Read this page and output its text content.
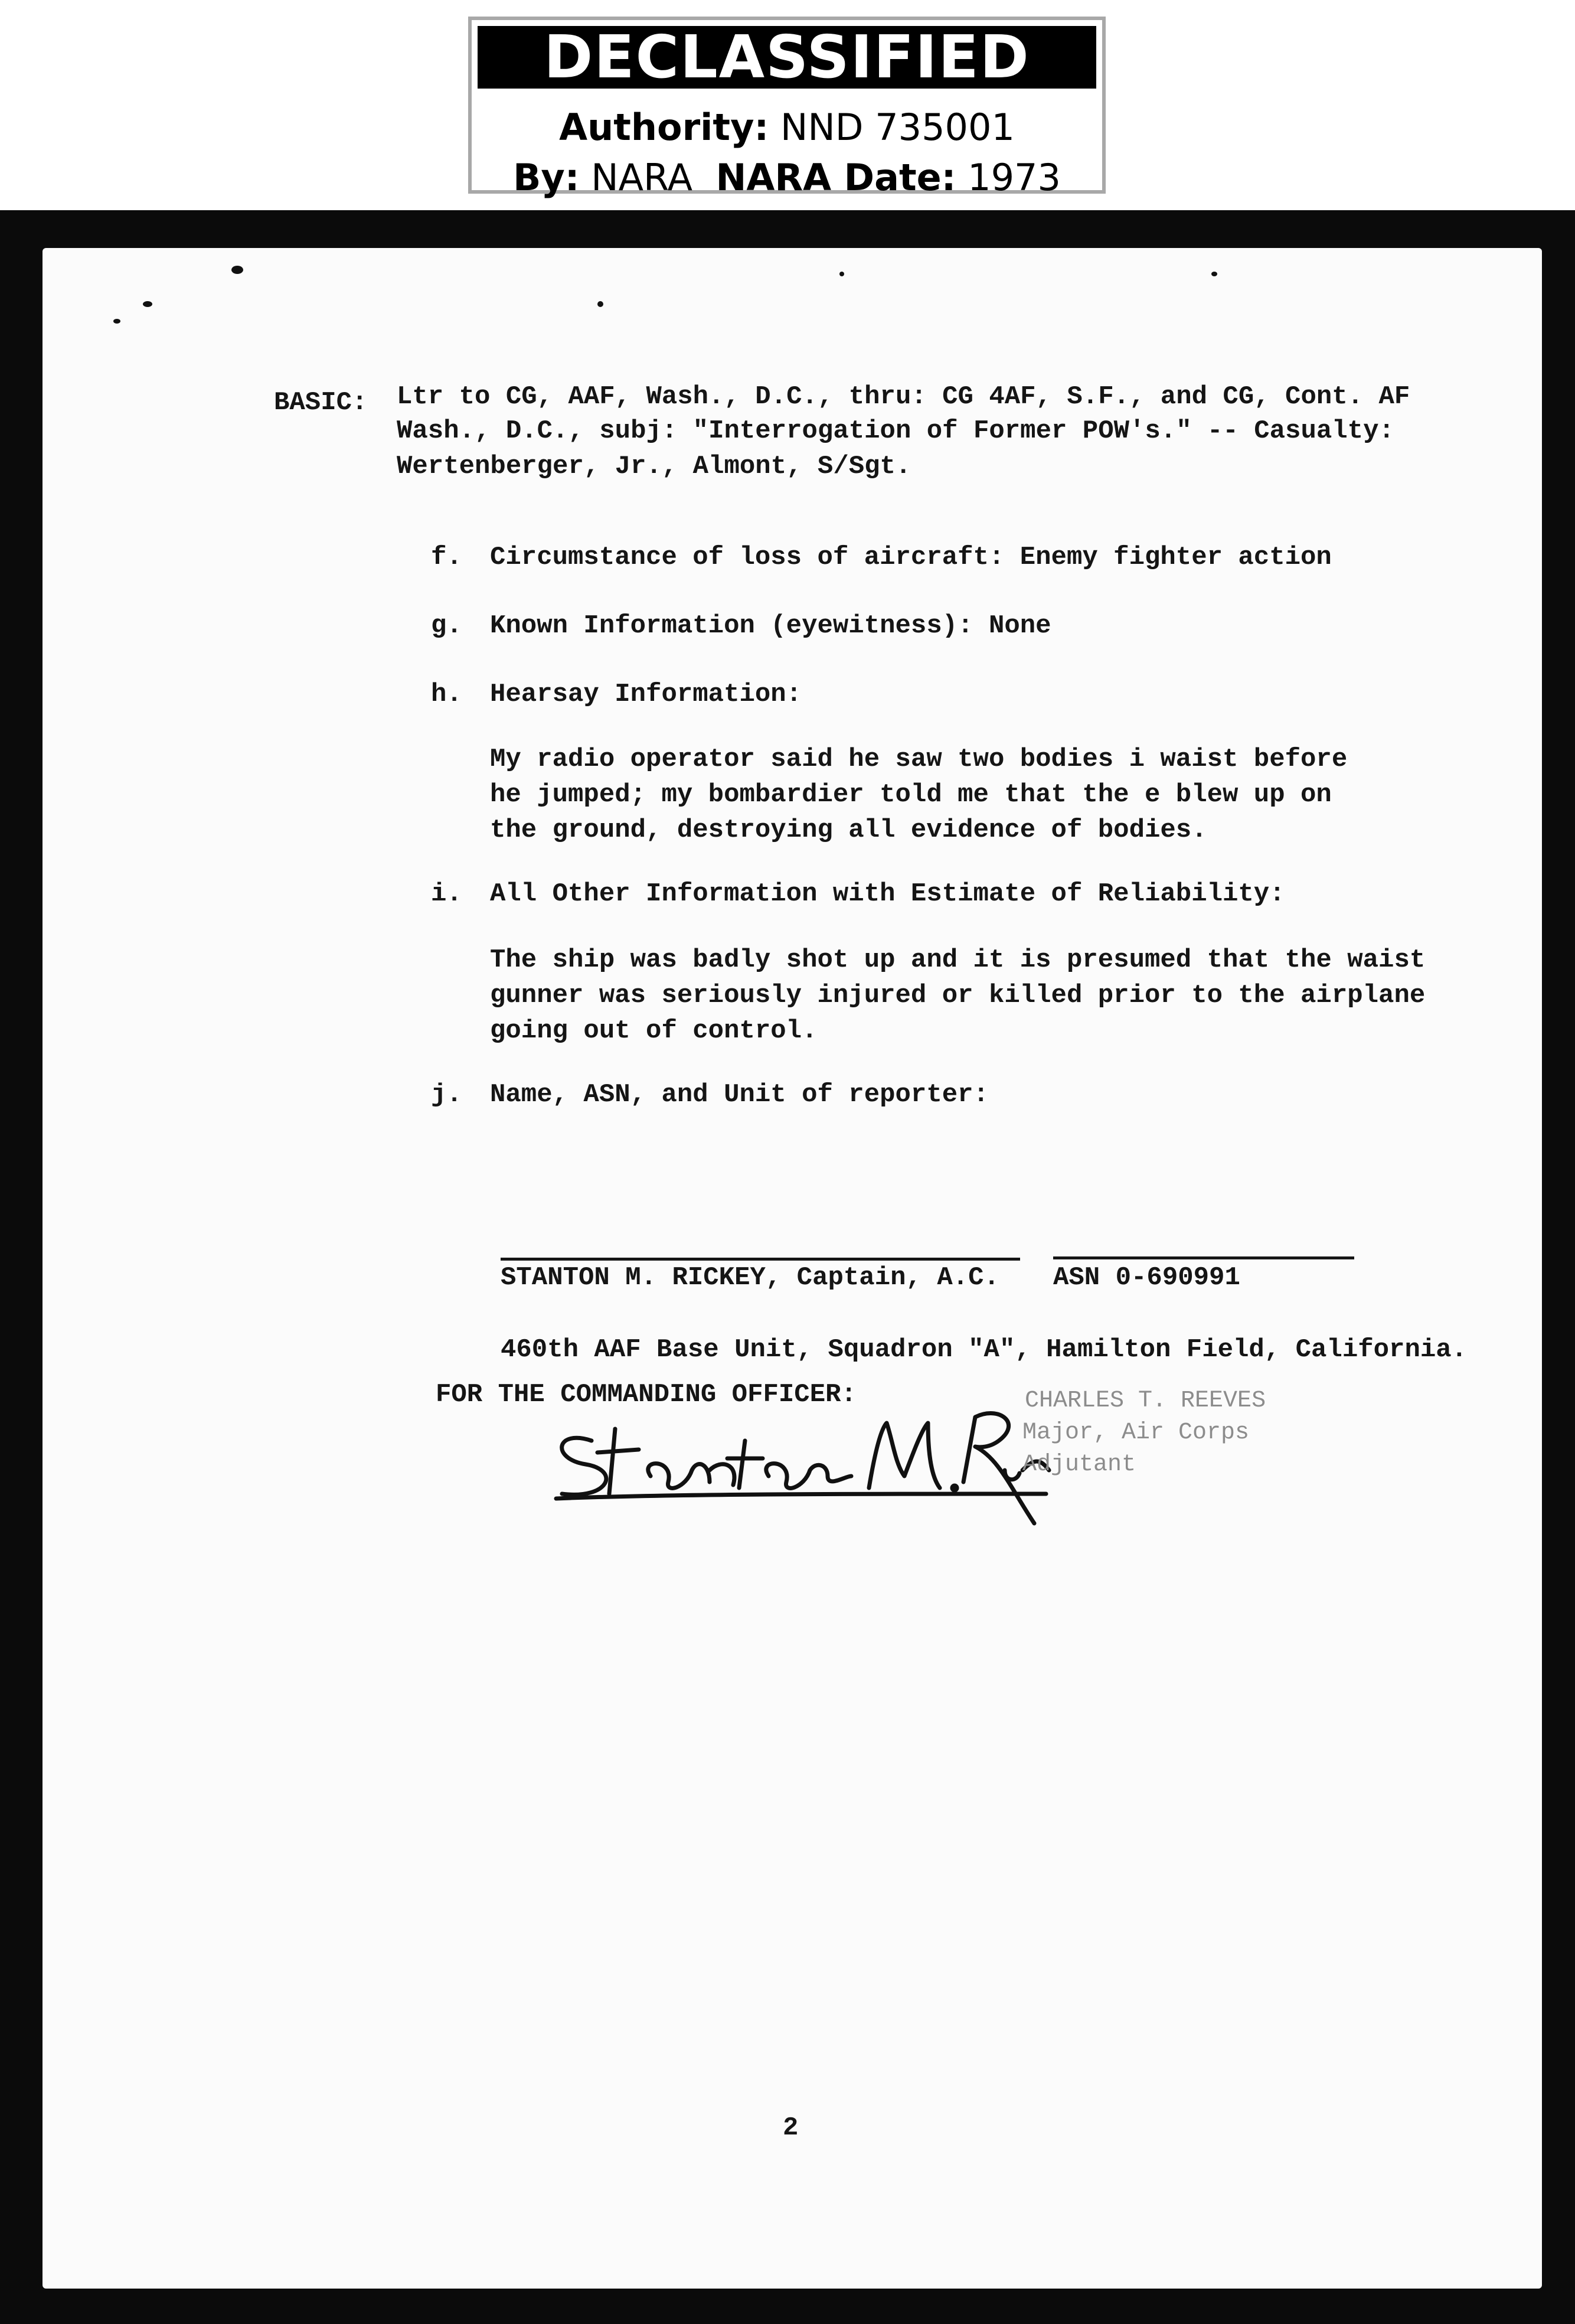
DECLASSIFIED
Authority: NND 735001
By: NARA NARA Date: 1973
BASIC: Ltr to CG, AAF, Wash., D.C., thru: CG 4AF, S.F., and CG, Cont. AF
Wash., D.C., subj: "Interrogation of Former POW's." -- Casualty:
Wertenberger, Jr., Almont, S/Sgt.
f. Circumstance of loss of aircraft: Enemy fighter action
g. Known Information (eyewitness): None
h. Hearsay Information:
My radio operator said he saw two bodies i waist before
he jumped; my bombardier told me that the e blew up on
the ground, destroying all evidence of bodies.
i. All Other Information with Estimate of Reliability:
The ship was badly shot up and it is presumed that the waist
gunner was seriously injured or killed prior to the airplane
going out of control.
j. Name, ASN, and Unit of reporter:
STANTON M. RICKEY, Captain, A.C. ASN 0-690991
460th AAF Base Unit, Squadron "A", Hamilton Field, California.
FOR THE COMMANDING OFFICER:	CHARLES T. REEVES
Major, Air Corps
Adjutant
2
